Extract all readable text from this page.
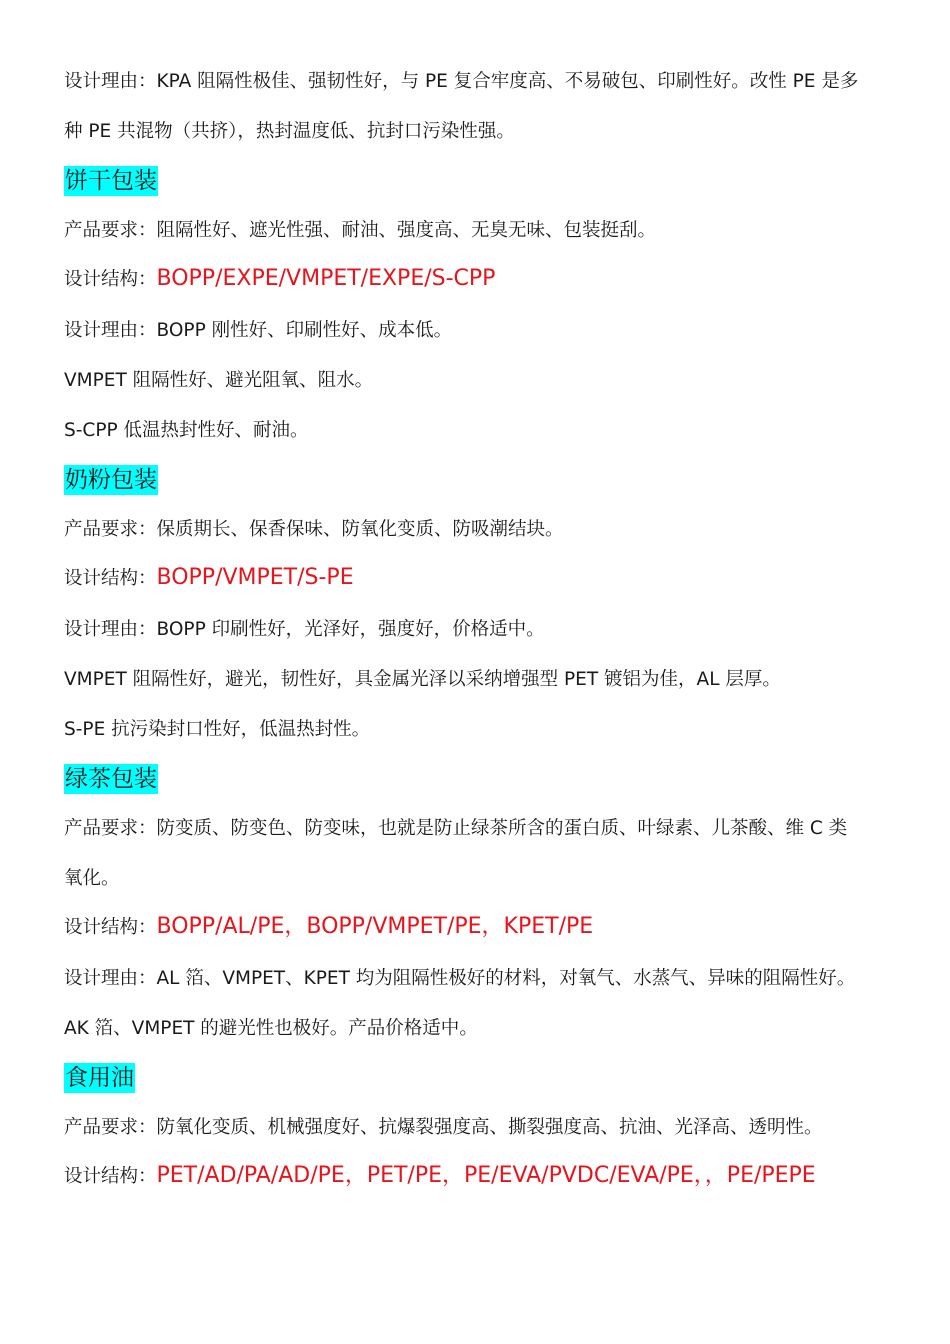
设计理由：KPA 阻隔性极佳、强韧性好，与 PE 复合牢度高、不易破包、印刷性好。改性 PE 是多
种 PE 共混物（共挤），热封温度低、抗封口污染性强。
饼干包装
产品要求：阻隔性好、遮光性强、耐油、强度高、无臭无味、包装挺刮。
设计结构：BOPP/EXPE/VMPET/EXPE/S-CPP
设计理由：BOPP 刚性好、印刷性好、成本低。
VMPET 阻隔性好、避光阻氧、阻水。
S-CPP 低温热封性好、耐油。
奶粉包装
产品要求：保质期长、保香保味、防氧化变质、防吸潮结块。
设计结构：BOPP/VMPET/S-PE
设计理由：BOPP 印刷性好，光泽好，强度好，价格适中。
VMPET 阻隔性好，避光，韧性好，具金属光泽以采纳增强型 PET 镀铝为佳，AL 层厚。
S-PE 抗污染封口性好，低温热封性。
绿茶包装
产品要求：防变质、防变色、防变味，也就是防止绿茶所含的蛋白质、叶绿素、儿茶酸、维 C 类
氧化。
设计结构：BOPP/AL/PE，BOPP/VMPET/PE，KPET/PE
设计理由：AL 箔、VMPET、KPET 均为阻隔性极好的材料，对氧气、水蒸气、异味的阻隔性好。
AK 箔、VMPET 的避光性也极好。产品价格适中。
食用油
产品要求：防氧化变质、机械强度好、抗爆裂强度高、撕裂强度高、抗油、光泽高、透明性。
设计结构：PET/AD/PA/AD/PE，PET/PE，PE/EVA/PVDC/EVA/PE，，PE/PEPE
